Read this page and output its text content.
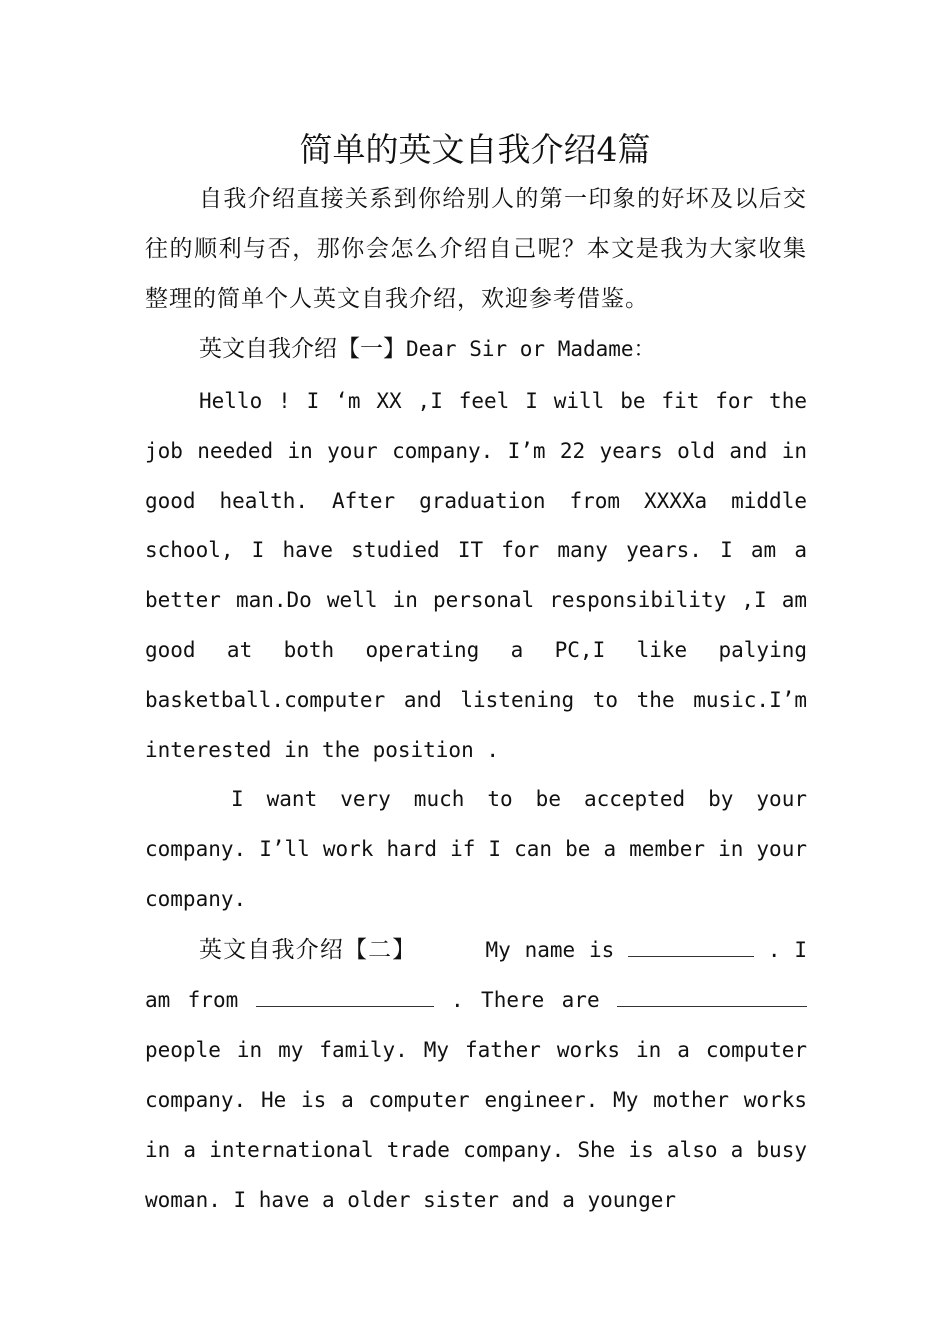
简单的英文自我介绍4篇

自我介绍直接关系到你给别人的第一印象的好坏及以后交往的顺利与否，那你会怎么介绍自己呢？本文是我为大家收集整理的简单个人英文自我介绍，欢迎参考借鉴。

英文自我介绍【一】Dear Sir or Madame：

Hello ! I ‘m XX ,I feel I will be fit for the job needed in your company. I’m 22 years old and in good health. After graduation from XXXXa middle school, I have studied IT for many years. I am a better man.Do well in personal responsibility ,I am good at both operating a PC,I like palying basketball.computer and listening to the music.I’m interested in the position .

I want very much to be accepted by your company. I’ll work hard if I can be a member in your company.

英文自我介绍【二】	My name is	. I am from	. There are  people in my family. My father works in a computer company. He is a computer engineer. My mother works in a international trade company. She is also a busy woman. I have a older sister and a younger
